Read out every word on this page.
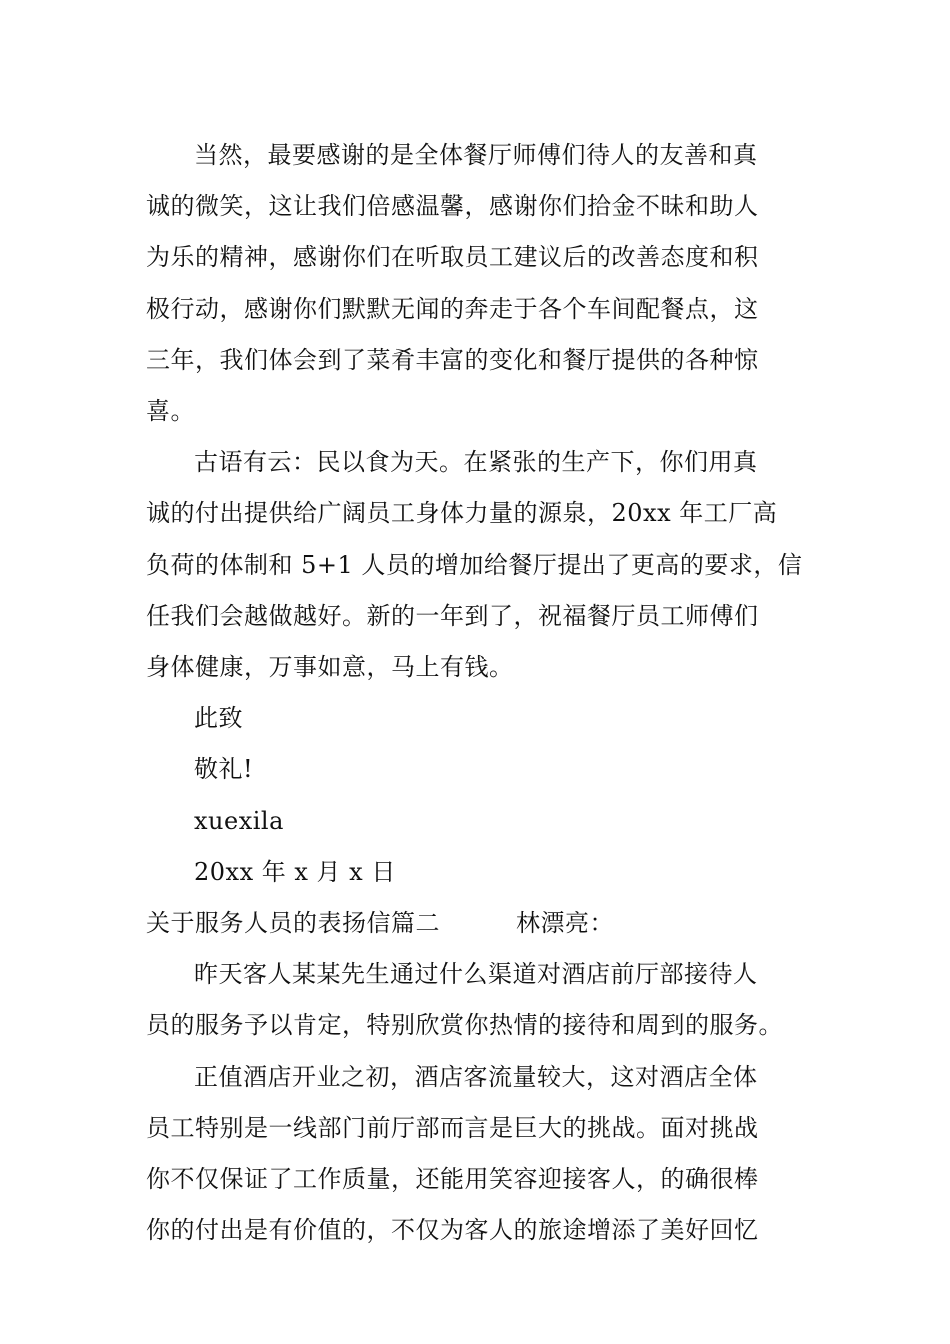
当然，最要感谢的是全体餐厅师傅们待人的友善和真
诚的微笑，这让我们倍感温馨，感谢你们拾金不昧和助人
为乐的精神，感谢你们在听取员工建议后的改善态度和积
极行动，感谢你们默默无闻的奔走于各个车间配餐点，这
三年，我们体会到了菜肴丰富的变化和餐厅提供的各种惊
喜。

古语有云：民以食为天。在紧张的生产下，你们用真
诚的付出提供给广阔员工身体力量的源泉，20xx 年工厂高
负荷的体制和 5+1 人员的增加给餐厅提出了更高的要求，信
任我们会越做越好。新的一年到了，祝福餐厅员工师傅们
身体健康，万事如意，马上有钱。

此致

敬礼!

xuexila

20xx 年 x 月 x 日

关于服务人员的表扬信篇二	林漂亮：

昨天客人某某先生通过什么渠道对酒店前厅部接待人
员的服务予以肯定，特别欣赏你热情的接待和周到的服务。

正值酒店开业之初，酒店客流量较大，这对酒店全体
员工特别是一线部门前厅部而言是巨大的挑战。面对挑战
你不仅保证了工作质量，还能用笑容迎接客人，的确很棒
你的付出是有价值的，不仅为客人的旅途增添了美好回忆
